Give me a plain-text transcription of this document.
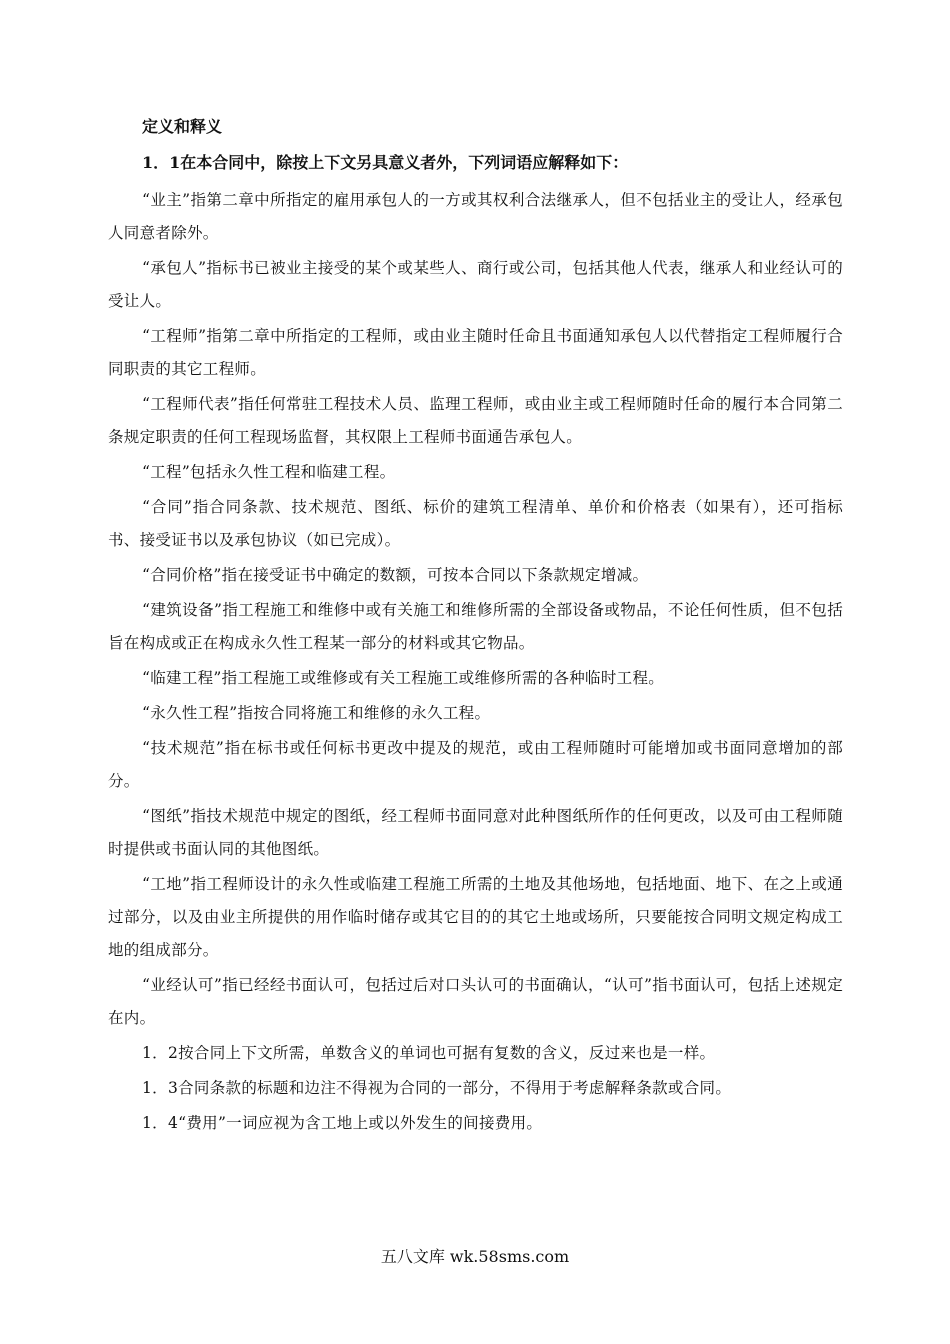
定义和释义
1．1在本合同中，除按上下文另具意义者外，下列词语应解释如下：

“业主”指第二章中所指定的雇用承包人的一方或其权利合法继承人，但不包括业主的受让人，经承包人同意者除外。

“承包人”指标书已被业主接受的某个或某些人、商行或公司，包括其他人代表，继承人和业经认可的受让人。

“工程师”指第二章中所指定的工程师，或由业主随时任命且书面通知承包人以代替指定工程师履行合同职责的其它工程师。

“工程师代表”指任何常驻工程技术人员、监理工程师，或由业主或工程师随时任命的履行本合同第二条规定职责的任何工程现场监督，其权限上工程师书面通告承包人。

“工程”包括永久性工程和临建工程。

“合同”指合同条款、技术规范、图纸、标价的建筑工程清单、单价和价格表（如果有），还可指标书、接受证书以及承包协议（如已完成）。

“合同价格”指在接受证书中确定的数额，可按本合同以下条款规定增减。

“建筑设备”指工程施工和维修中或有关施工和维修所需的全部设备或物品，不论任何性质，但不包括旨在构成或正在构成永久性工程某一部分的材料或其它物品。

“临建工程”指工程施工或维修或有关工程施工或维修所需的各种临时工程。

“永久性工程”指按合同将施工和维修的永久工程。

“技术规范”指在标书或任何标书更改中提及的规范，或由工程师随时可能增加或书面同意增加的部分。

“图纸”指技术规范中规定的图纸，经工程师书面同意对此种图纸所作的任何更改，以及可由工程师随时提供或书面认同的其他图纸。

“工地”指工程师设计的永久性或临建工程施工所需的土地及其他场地，包括地面、地下、在之上或通过部分，以及由业主所提供的用作临时储存或其它目的的其它土地或场所，只要能按合同明文规定构成工地的组成部分。

“业经认可”指已经经书面认可，包括过后对口头认可的书面确认，“认可”指书面认可，包括上述规定在内。

1．2按合同上下文所需，单数含义的单词也可据有复数的含义，反过来也是一样。

1．3合同条款的标题和边注不得视为合同的一部分，不得用于考虑解释条款或合同。

1．4“费用”一词应视为含工地上或以外发生的间接费用。

五八文库 wk.58sms.com
